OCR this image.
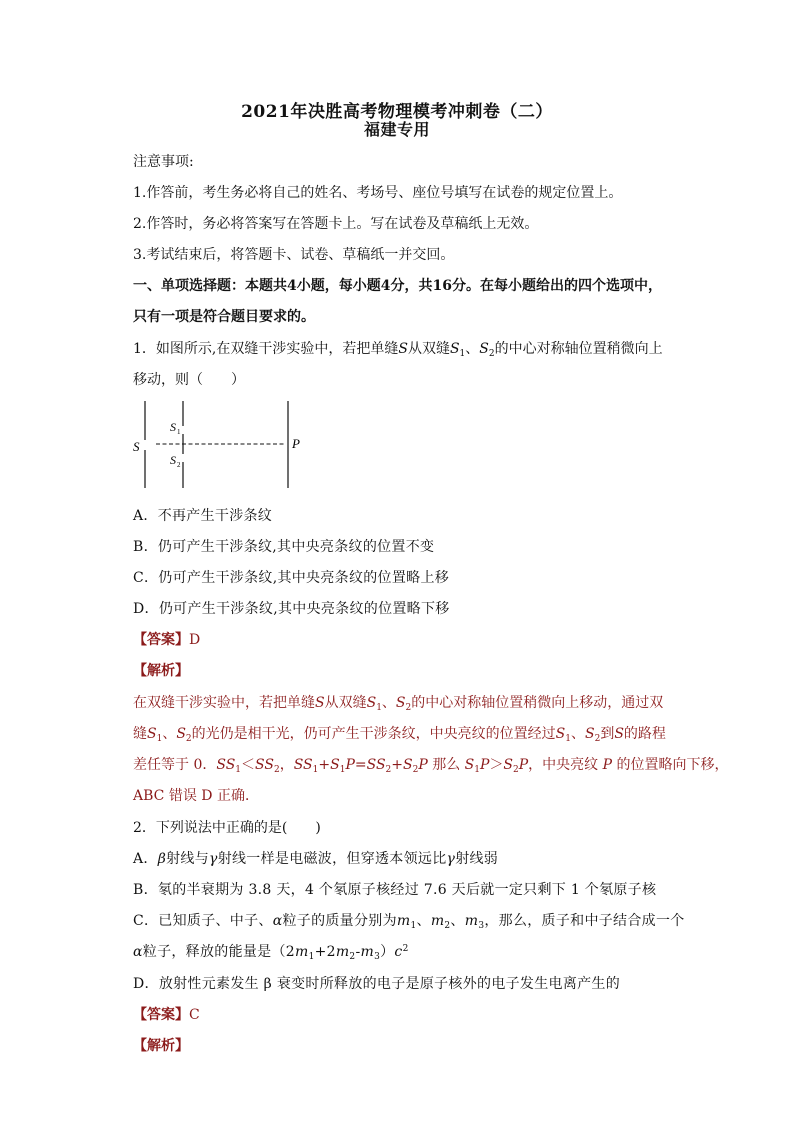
2021年决胜高考物理模考冲刺卷（二）
福建专用
注意事项:
1.作答前，考生务必将自己的姓名、考场号、座位号填写在试卷的规定位置上。
2.作答时，务必将答案写在答题卡上。写在试卷及草稿纸上无效。
3.考试结束后，将答题卡、试卷、草稿纸一并交回。
一、单项选择题：本题共4小题，每小题4分，共16分。在每小题给出的四个选项中，
只有一项是符合题目要求的。
1．如图所示,在双缝干涉实验中，若把单缝S从双缝$S_1$、$S_2$的中心对称轴位置稍微向上
移动，则（　　）
S
S 1
S 2
P
A．不再产生干涉条纹
B．仍可产生干涉条纹,其中央亮条纹的位置不变
C．仍可产生干涉条纹,其中央亮条纹的位置略上移
D．仍可产生干涉条纹,其中央亮条纹的位置略下移
【答案】D
【解析】
在双缝干涉实验中，若把单缝S从双缝$S_1$、$S_2$的中心对称轴位置稍微向上移动，通过双
缝$S_1$、$S_2$的光仍是相干光，仍可产生干涉条纹，中央亮纹的位置经过$S_1$、$S_2$到S的路程
差任等于 0．$SS_1<SS_2$，$SS_1+S_1P=SS_2+S_2P$ 那么 $S_1P>S_2P$，中央亮纹 P 的位置略向下移，
ABC 错误 D 正确．
2．下列说法中正确的是(　　)
A．β射线与γ射线一样是电磁波，但穿透本领远比γ射线弱
B．氡的半衰期为 3.8 天，4 个氡原子核经过 7.6 天后就一定只剩下 1 个氡原子核
C．已知质子、中子、α粒子的质量分别为$m_1$、$m_2$、$m_3$，那么，质子和中子结合成一个
α粒子，释放的能量是$(2m_1+2m_2-m_3)c^2$
D．放射性元素发生 β 衰变时所释放的电子是原子核外的电子发生电离产生的
【答案】C
【解析】
